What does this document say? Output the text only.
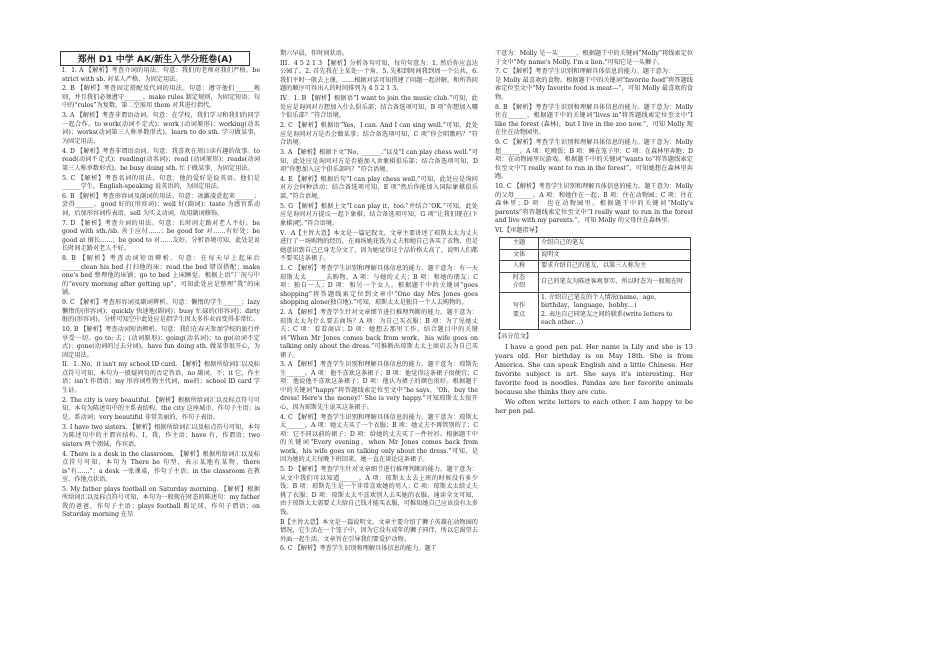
郑州 D1 中学 AK/新生入学分班卷(A)

I．1. A 【解析】考查介词的用法。句意：我们的老师对我们严格。be strict with sb. 对某人严格，为固定用法。

2. B 【解析】考查固定搭配及代词的用法。句意：遵守他们______规则，并且我们必须遵守______。make rules 制定规则，为固定短语；句中的“rules”为复数，第二空需用 them 对其进行指代。

3. A 【解析】考查非谓语动词。句意：在学校，我们学习和我们的同学一起合作。to work(动词不定式)；work (动词原形)；working(动名词)；works(动词第三人称单数形式)。learn to do sth. 学习做某事，为固定用法。

4. D 【解析】考查非谓语动词。句意：我喜欢在周日读有趣的故事。to read(动词不定式)；reading(动名词)；read (动词原形)；reads(动词第三人称单数形式)。be busy doing sth. 忙于做某事，为固定用法。

5. C 【解析】考查名词的用法。句意：他的爱好是说英语。他们是______学生。English-speaking 说英语的，为固定用法。

6. B 【解析】考查形容词及副词的用法。句意：冰激凌尝起来______；尝得______。good 好的(形容词)；well 好(副词)；taste 为感官系动词，后加形容词作表语，sell 为实义动词，故用副词修饰。

7. D 【解析】考查介词的用法。句意：长时间走路对老人不好。be good with sth./sb. 善于应付……；be good for 对……有好处；be good at 擅长……；be good to 对……友好。分析语境可知，此处是说长时间走路对老人不好。

8. B 【解析】考查动词短语辨析。句意：在每天早上起床后______clean his bed 打扫他的床；read the bed 错误搭配；make one's bed 整理他的床铺；go to bed 上床睡觉。根据上语“厂况与中的“every morning after getting up”，可知此处应是整理“我”的床铺。

9. C 【解析】考查形容词及副词辨析。句意：懒惰的学生______；lazy 懒惰的(形容词)；quickly 快速地(副词)；busy 忙碌的(形容词)；dirty 脏的(形容词)。分析可知空中此处应是指学生因太多作业而变得非常忙。

10. B 【解析】考查动词短语辨析。句意：我们在春天参加学校的旅行并享受一切。go to; 去；(动词原形)；going(动名词)；to go(动词不定式)；gone(动词的过去分词)。have fun doing sth. 做某事很开心，为固定用法。

II．1. No，it isn't my school ID card. 【解析】根据所给词汇以及标点符号可知，本句为一般疑问句的否定答语，no 副词，不；it 它，作主语；isn't 作谓语；my 形容词性物主代词，me的；school ID card 学生证。

2. The city is very beautiful. 【解析】根据所给词汇以及标点符号可知，本句为陈述句中的主系表结构，the city 这座城市，作句子主语；is 是，系动词；very beautiful 非常美丽的，作句子表语。

3. I have two sisters. 【解析】根据所给词汇以及标点符号可知，本句为陈述句中的主谓宾结构。I，我，作主语；have 有，作谓语；two sisters 两个姐妹，作宾语。

4. There is a desk in the classroom. 【解析】根据所给词汇以及标点符号可知，本句为 There be 句型，表示某地有某物，there is“有……”；a desk 一张课桌，作句子主语；in the classroom 在教室，作地点状语。

5. My father plays football on Saturday morning. 【解析】根据所给词汇以及标点符号可知，本句为一般现在时态的陈述句：my father 我的爸爸，作句子主语；plays football 踢足球，作句子谓语；on Saturday morning 在星

期六早晨，作时间状语。

III．4 5 2 1 3 【解析】分析各句可知，每句句意为：1. 然后你应直达公园了。2. 首先我在上某处一个角，5. 先相到时间我到周一个公共，6. 我们平时一般去上课。……根据对话可知搭建了问题一起讲解，和所答问题的顺序可得出人的时间排列为 4 5 2 1 3。

IV．1. B 【解析】根据语“I want to join the music club.”可知，此处应是询问对方想加入什么俱乐部；结合备选项可知，B 项“你想加入哪个俱乐部？”符合语境。

2. C 【解析】根据语“Yes，I can. And I can sing well.”可知，此处应是询问对方是否会做某事；结合备选项可知，C 项“你会唱歌吗？”符合语境。

3. A 【解析】根据下文“No，______.”以及“I can play chess well.”可知，此处应是询问对方是否能加入舍象棋俱乐部；结合备选项可知，D 项“你想加入这个俱乐部吗？”符合语境。

4. E 【解析】根据后句“I can play chess well.”可知，此处应是询问对方会何种活动；结合备选项可知，E 项“然后你能加入国际象棋俱乐部。”符合语境。

5. G 【解析】根据上文“I can play it，too.”并结合“OK.”可知，此处应是询问对方提议一起下象棋；结合备选项可知，G 项“让我们现在(下象棋)吧。”符合语境。

V．A【主旨大意】本文是一篇记叙文。文章主要讲述了琼斯太太为丈夫进行了一场购物的经历，在商场她花钱为丈夫和她自己各买了衣物，但是她意识到自己已身无分文了，因为她觉得这个品价格太高了，说明人们都不要买这条裙子。

1. C 【解析】考查学生识别和理解具体信息的能力。题干意为：有一天琼斯太太______去购物。A 项：与她的丈夫；B 项：和她的朋友；C 项：独自一人；D 项：和另一个女人。根据题干中的关键词“goes shopping”将答题线索定位到文章中“One day Mrs Jones goes shopping alone(独自地).”可知，琼斯太太是独自一个人去购物的。

2. A 【解析】考查学生针对文章细节进行推理判断的能力。题干意为：琼斯太太为什么要去商场？A 项：为自己买衣服；B 项：为了见她丈夫；C 项：看看商店；D 项：她想去那里工作。结合题目中的关键词“When Mr Jones comes back from work，his wife goes on talking only about the dress.”可推断出琼斯太太上商店去为自己买裙子。

3. A 【解析】考查学生识别和理解具体信息的能力。题干意为：琼斯先生______。A 项：他不喜欢这条裙子；B 项：他觉得这条裙子很便宜；C 项：他说他不喜欢这条裙子；D 项：他认为裙子的颜色很好。根据题干中的关键词“happy”将答题线索定位至文中“he says，‘Oh，buy the dress! Here's the money!’ She is very happy.”可知琼斯太太很开心，因为琼斯先生说买这条裙子。

4. C 【解析】考查学生识别和理解具体信息的能力。题干意为：琼斯太太______，A 项：她丈夫买了一个衣服；B 项：她丈夫不再管别的了；C 项：它不同以前的裙子；D 项：给她的丈夫买了一件衬衫。根据题干中的关键词“Every evening，when Mr Jones comes back from work，his wife goes on talking only about the dress.”可知，是因为她的丈夫每晚下班回来，她一直在谈论这条裙子。

5. D 【解析】考查学生针对文章细节进行推理判断的能力。题干意为：从文中我们可以知道______。A 项：琼斯太太去上班的时候没有多少钱；B 项：琼斯先生是一个非常喜欢她的男人；C 项：琼斯太太给丈夫挑了衣服；D 项：琼斯太太不喜欢别人去买她的衣服。通读全文可知，由于琼斯太太需要丈夫给自己钱才能买衣服，可推知她自己应该没有太多钱。

B【主旨大意】本文是一篇说明文。文章主要介绍了狮子英雄在动物园的情况，它生活在一个笼子中，因为它没有成年的狮子同伴，所以它渴望去外面一起生活，文章旨在引导我们要爱护动物。

6. C 【解析】考查学生识别和理解具体信息的能力。题干

干意为：Molly 是一头______。根据题干中的关键词“Molly”将线索定位于文中“My name's Molly. I'm a lion.”可知它是一头狮子。

7. C 【解析】考查学生识别和理解具体信息的能力。题干意为：______是 Molly 最喜欢的食物。根据题干中的关键词“favorite food”将答题线索定位至文中“My favorite food is meat—”，可知 Molly 最喜欢的食物。

8. B 【解析】考查学生识别和理解具体信息的能力。题干意为：Molly 住在______。根据题干中的关键词“lives in”将答题线索定位至文中“I like the forest (森林)，but I live in the zoo now.”，可知 Molly 现在住在动物园里。

9. C 【解析】考查学生识别和理解具体信息的能力。题干意为：Molly 想______。A 项：吃晚饭；B 项：睡在笼子里；C 项：在森林里奔跑；D 项：在动物园里玩游戏。根据题干中的关键词“wants to”将答题线索定位至文中“I really want to run in the forest”，可知她想在森林里奔跑。

10. C 【解析】考查学生识别和理解具体信息的能力。题干意为：Molly 的父母______。A 项：和她住在一起；B 项：住在动物园；C 项：住在森林里；D 项：也在动物园里。根据题干中的关键词“Molly's parents”将答题线索定位至文中“I really want to run in the forest and live with my parents.”，可知 Molly 的父母住在森林里。

VI.【审题指导】

主题	介绍自己的笔友
文体	说明文
人称	要求介绍自己的笔友，以第三人称为主
时态
介绍	自己的笔友为陈述客观事实，所以时态为一般现在时
写作
要点	1. 介绍自己笔友的个人情况(name，age，birthday，language，hobby…)
2. 表达自己同笔友之间的联系(write letters to each other…)

【高分范文】

I have a good pen pal. Her name is Lily and she is 13 years old. Her birthday is on May 18th. She is from America. She can speak English and a little Chinese. Her favorite subject is art. She says it's interesting. Her favorite food is noodles. Pandas are her favorite animals because she thinks they are cute.

We often write letters to each other. I am happy to be her pen pal.
